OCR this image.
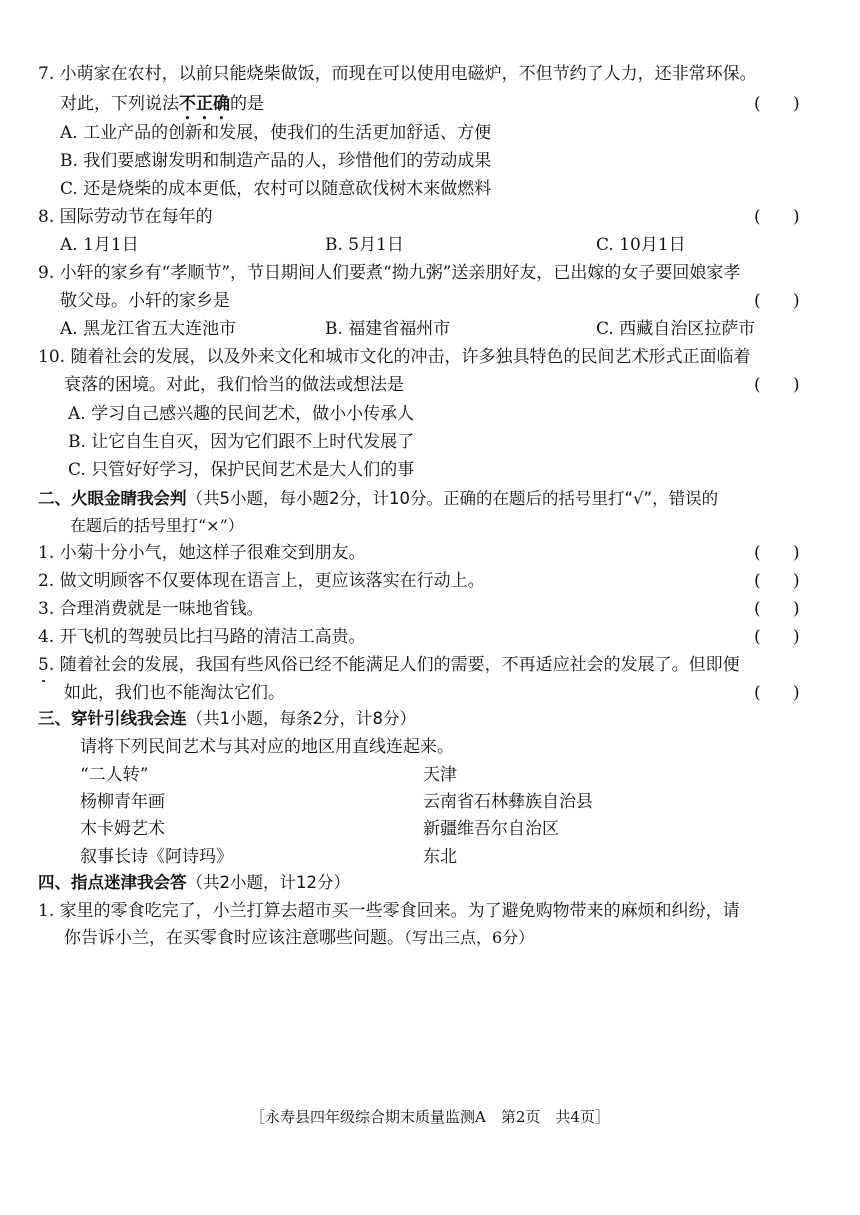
7. 小萌家在农村，以前只能烧柴做饭，而现在可以使用电磁炉，不但节约了人力，还非常环保。
对此，下列说法不正确的是	(      )
A. 工业产品的创新和发展，使我们的生活更加舒适、方便
B. 我们要感谢发明和制造产品的人，珍惜他们的劳动成果
C. 还是烧柴的成本更低，农村可以随意砍伐树木来做燃料
8. 国际劳动节在每年的	(      )
A. 1月1日	B. 5月1日	C. 10月1日
9. 小轩的家乡有“孝顺节”，节日期间人们要煮“拗九粥”送亲朋好友，已出嫁的女子要回娘家孝
敬父母。小轩的家乡是	(      )
A. 黑龙江省五大连池市	B. 福建省福州市	C. 西藏自治区拉萨市
10. 随着社会的发展，以及外来文化和城市文化的冲击，许多独具特色的民间艺术形式正面临着
衰落的困境。对此，我们恰当的做法或想法是	(      )
A. 学习自己感兴趣的民间艺术，做小小传承人
B. 让它自生自灭，因为它们跟不上时代发展了
C. 只管好好学习，保护民间艺术是大人们的事
二、火眼金睛我会判（共5小题，每小题2分，计10分。正确的在题后的括号里打“√”，错误的
在题后的括号里打“×”）
1. 小菊十分小气，她这样子很难交到朋友。	(      )
2. 做文明顾客不仅要体现在语言上，更应该落实在行动上。	(      )
3. 合理消费就是一味地省钱。	(      )
4. 开飞机的驾驶员比扫马路的清洁工高贵。	(      )
5. 随着社会的发展，我国有些风俗已经不能满足人们的需要，不再适应社会的发展了。但即便
如此，我们也不能淘汰它们。	(      )
三、穿针引线我会连（共1小题，每条2分，计8分）
请将下列民间艺术与其对应的地区用直线连起来。
“二人转”	天津
杨柳青年画	云南省石林彝族自治县
木卡姆艺术	新疆维吾尔自治区
叙事长诗《阿诗玛》	东北
四、指点迷津我会答（共2小题，计12分）
1. 家里的零食吃完了，小兰打算去超市买一些零食回来。为了避免购物带来的麻烦和纠纷，请
你告诉小兰，在买零食时应该注意哪些问题。（写出三点，6分）
［永寿县四年级综合期末质量监测A　第2页　共4页］
